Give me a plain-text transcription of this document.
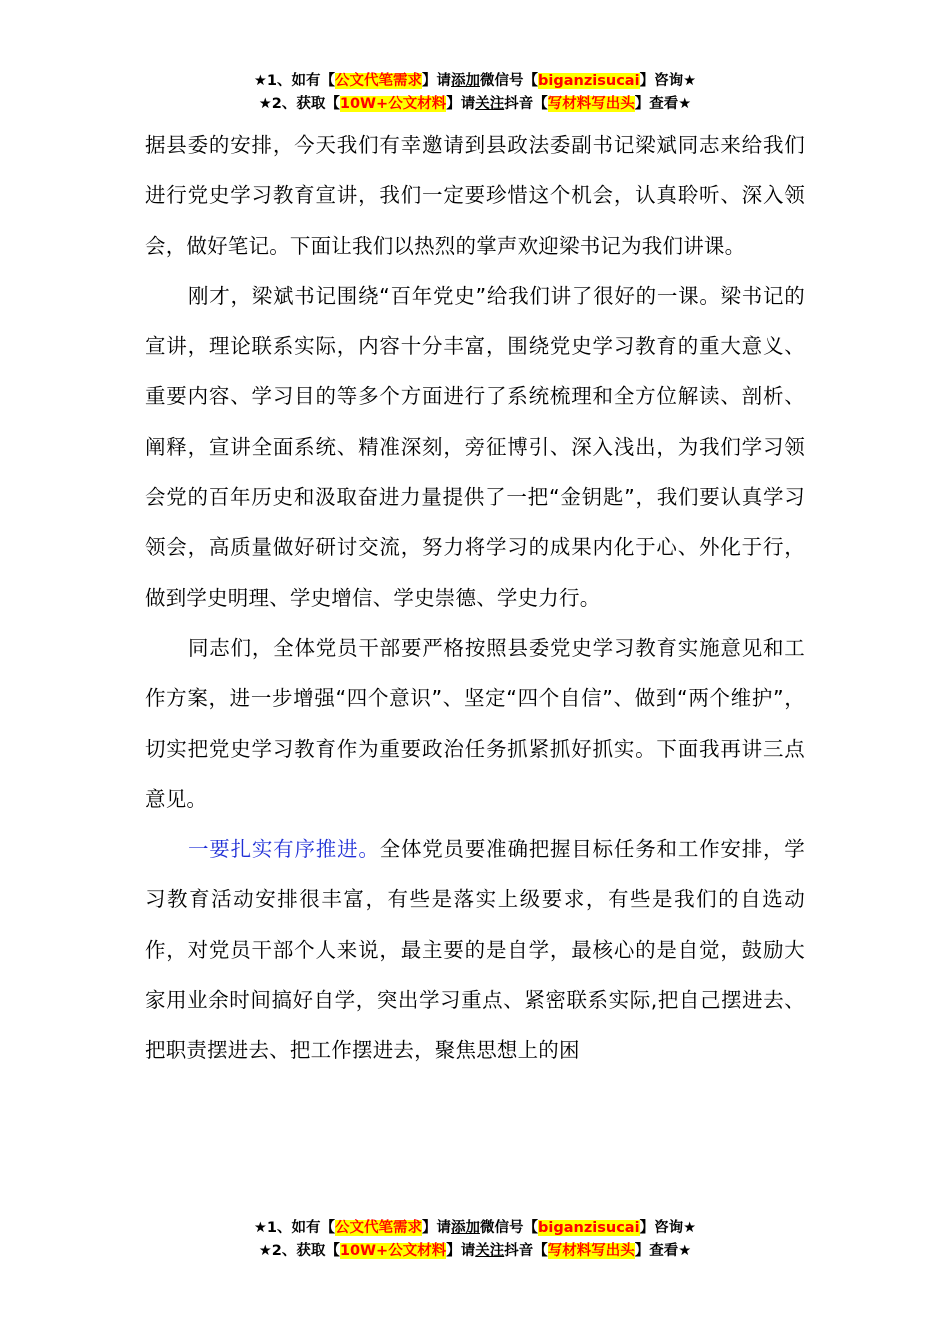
★1、如有【公文代笔需求】请添加微信号【biganzisucai】咨询★
★2、获取【10W+公文材料】请关注抖音【写材料写出头】查看★

据县委的安排，今天我们有幸邀请到县政法委副书记梁斌同志来给我们进行党史学习教育宣讲，我们一定要珍惜这个机会，认真聆听、深入领会，做好笔记。下面让我们以热烈的掌声欢迎梁书记为我们讲课。

刚才，梁斌书记围绕“百年党史”给我们讲了很好的一课。梁书记的宣讲，理论联系实际，内容十分丰富，围绕党史学习教育的重大意义、重要内容、学习目的等多个方面进行了系统梳理和全方位解读、剖析、阐释，宣讲全面系统、精准深刻，旁征博引、深入浅出，为我们学习领会党的百年历史和汲取奋进力量提供了一把“金钥匙”，我们要认真学习领会，高质量做好研讨交流，努力将学习的成果内化于心、外化于行，做到学史明理、学史增信、学史崇德、学史力行。

同志们，全体党员干部要严格按照县委党史学习教育实施意见和工作方案，进一步增强“四个意识”、坚定“四个自信”、做到“两个维护”，切实把党史学习教育作为重要政治任务抓紧抓好抓实。下面我再讲三点意见。

一要扎实有序推进。全体党员要准确把握目标任务和工作安排，学习教育活动安排很丰富，有些是落实上级要求，有些是我们的自选动作，对党员干部个人来说，最主要的是自学，最核心的是自觉，鼓励大家用业余时间搞好自学，突出学习重点、紧密联系实际,把自己摆进去、把职责摆进去、把工作摆进去，聚焦思想上的困

★1、如有【公文代笔需求】请添加微信号【biganzisucai】咨询★
★2、获取【10W+公文材料】请关注抖音【写材料写出头】查看★
